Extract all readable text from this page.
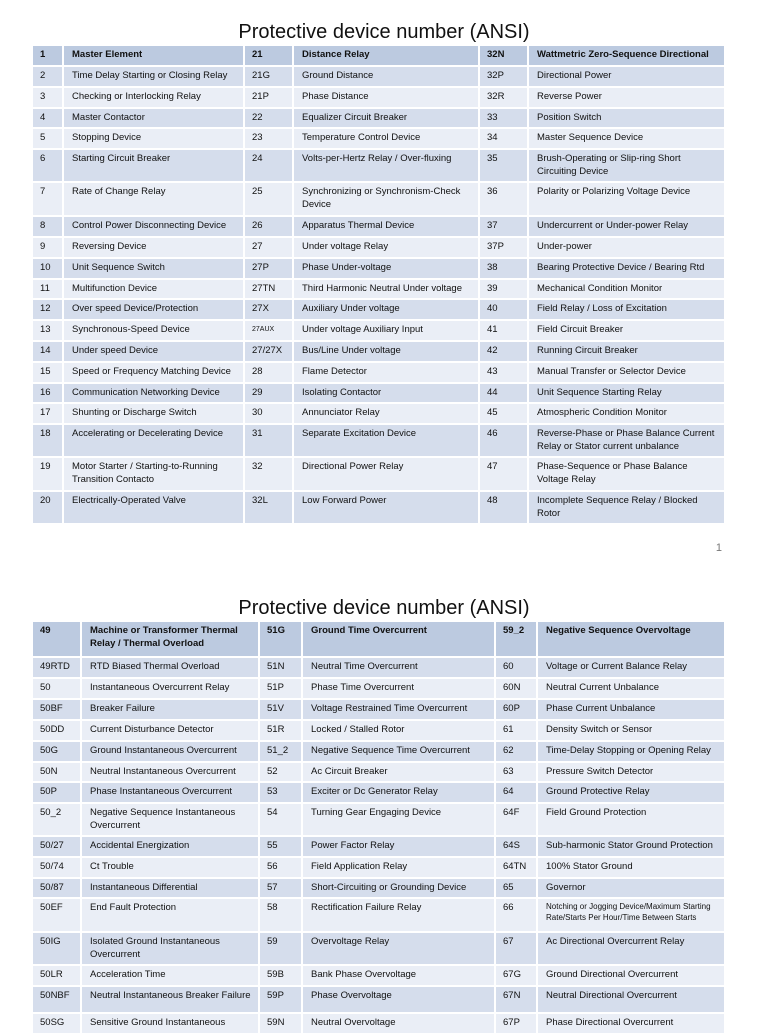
Protective device number (ANSI)
1	Master Element	21	Distance Relay	32N	Wattmetric Zero-Sequence Directional
2	Time Delay Starting or Closing Relay	21G	Ground Distance	32P	Directional Power
3	Checking or Interlocking Relay	21P	Phase Distance	32R	Reverse Power
4	Master Contactor	22	Equalizer Circuit Breaker	33	Position Switch
5	Stopping Device	23	Temperature Control Device	34	Master Sequence Device
6	Starting Circuit Breaker	24	Volts-per-Hertz Relay / Over-fluxing	35	Brush-Operating or Slip-ring Short Circuiting Device
7	Rate of Change Relay	25	Synchronizing or Synchronism-Check Device	36	Polarity or Polarizing Voltage Device
8	Control Power Disconnecting Device	26	Apparatus Thermal Device	37	Undercurrent or Under-power Relay
9	Reversing Device	27	Under voltage Relay	37P	Under-power
10	Unit Sequence Switch	27P	Phase Under-voltage	38	Bearing Protective Device / Bearing Rtd
11	Multifunction Device	27TN	Third Harmonic Neutral Under voltage	39	Mechanical Condition Monitor
12	Over speed Device/Protection	27X	Auxiliary Under voltage	40	Field Relay / Loss of Excitation
13	Synchronous-Speed Device	27AUX	Under voltage Auxiliary Input	41	Field Circuit Breaker
14	Under speed Device	27/27X	Bus/Line Under voltage	42	Running Circuit Breaker
15	Speed or Frequency Matching Device	28	Flame Detector	43	Manual Transfer or Selector Device
16	Communication Networking Device	29	Isolating Contactor	44	Unit Sequence Starting Relay
17	Shunting or Discharge Switch	30	Annunciator Relay	45	Atmospheric Condition Monitor
18	Accelerating or Decelerating Device	31	Separate Excitation Device	46	Reverse-Phase or Phase Balance Current Relay or Stator current unbalance
19	Motor Starter / Starting-to-Running Transition Contacto	32	Directional Power Relay	47	Phase-Sequence or Phase Balance Voltage Relay
20	Electrically-Operated Valve	32L	Low Forward Power	48	Incomplete Sequence Relay / Blocked Rotor
1
Protective device number (ANSI)
49	Machine or Transformer Thermal Relay / Thermal Overload	51G	Ground Time Overcurrent	59_2	Negative Sequence Overvoltage
49RTD	RTD Biased Thermal Overload	51N	Neutral Time Overcurrent	60	Voltage or Current Balance Relay
50	Instantaneous Overcurrent Relay	51P	Phase Time Overcurrent	60N	Neutral Current Unbalance
50BF	Breaker Failure	51V	Voltage Restrained Time Overcurrent	60P	Phase Current Unbalance
50DD	Current Disturbance Detector	51R	Locked / Stalled Rotor	61	Density Switch or Sensor
50G	Ground Instantaneous Overcurrent	51_2	Negative Sequence Time Overcurrent	62	Time-Delay Stopping or Opening Relay
50N	Neutral Instantaneous Overcurrent	52	Ac Circuit Breaker	63	Pressure Switch Detector
50P	Phase Instantaneous Overcurrent	53	Exciter or Dc Generator Relay	64	Ground Protective Relay
50_2	Negative Sequence Instantaneous Overcurrent	54	Turning Gear Engaging Device	64F	Field Ground Protection
50/27	Accidental Energization	55	Power Factor Relay	64S	Sub-harmonic Stator Ground Protection
50/74	Ct Trouble	56	Field Application Relay	64TN	100% Stator Ground
50/87	Instantaneous Differential	57	Short-Circuiting or Grounding Device	65	Governor
50EF	End Fault Protection	58	Rectification Failure Relay	66	Notching or Jogging Device/Maximum Starting Rate/Starts Per Hour/Time Between Starts
50IG	Isolated Ground Instantaneous Overcurrent	59	Overvoltage Relay	67	Ac Directional Overcurrent Relay
50LR	Acceleration Time	59B	Bank Phase Overvoltage	67G	Ground Directional Overcurrent
50NBF	Neutral Instantaneous Breaker Failure	59P	Phase Overvoltage	67N	Neutral Directional Overcurrent
50SG	Sensitive Ground Instantaneous	59N	Neutral Overvoltage	67P	Phase Directional Overcurrent
